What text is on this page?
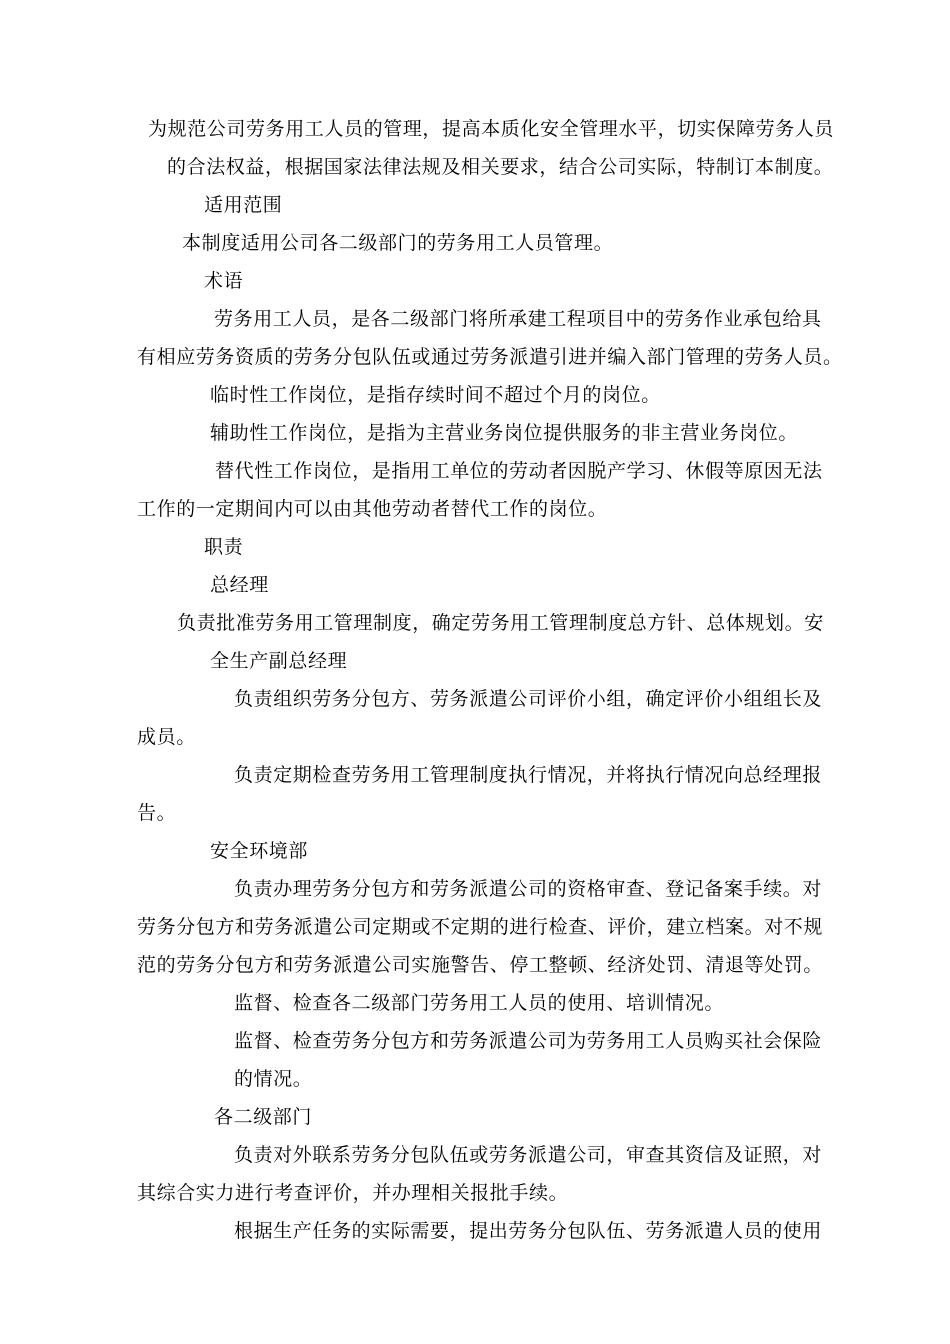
为规范公司劳务用工人员的管理，提高本质化安全管理水平，切实保障劳务人员
的合法权益，根据国家法律法规及相关要求，结合公司实际，特制订本制度。
适用范围
本制度适用公司各二级部门的劳务用工人员管理。
术语
劳务用工人员，是各二级部门将所承建工程项目中的劳务作业承包给具
有相应劳务资质的劳务分包队伍或通过劳务派遣引进并编入部门管理的劳务人员。
临时性工作岗位，是指存续时间不超过个月的岗位。
辅助性工作岗位，是指为主营业务岗位提供服务的非主营业务岗位。
替代性工作岗位，是指用工单位的劳动者因脱产学习、休假等原因无法
工作的一定期间内可以由其他劳动者替代工作的岗位。
职责
总经理
负责批准劳务用工管理制度，确定劳务用工管理制度总方针、总体规划。安
全生产副总经理
负责组织劳务分包方、劳务派遣公司评价小组，确定评价小组组长及
成员。
负责定期检查劳务用工管理制度执行情况，并将执行情况向总经理报
告。
安全环境部
负责办理劳务分包方和劳务派遣公司的资格审查、登记备案手续。对
劳务分包方和劳务派遣公司定期或不定期的进行检查、评价，建立档案。对不规
范的劳务分包方和劳务派遣公司实施警告、停工整顿、经济处罚、清退等处罚。
监督、检查各二级部门劳务用工人员的使用、培训情况。
监督、检查劳务分包方和劳务派遣公司为劳务用工人员购买社会保险
的情况。
各二级部门
负责对外联系劳务分包队伍或劳务派遣公司，审查其资信及证照，对
其综合实力进行考查评价，并办理相关报批手续。
根据生产任务的实际需要，提出劳务分包队伍、劳务派遣人员的使用
